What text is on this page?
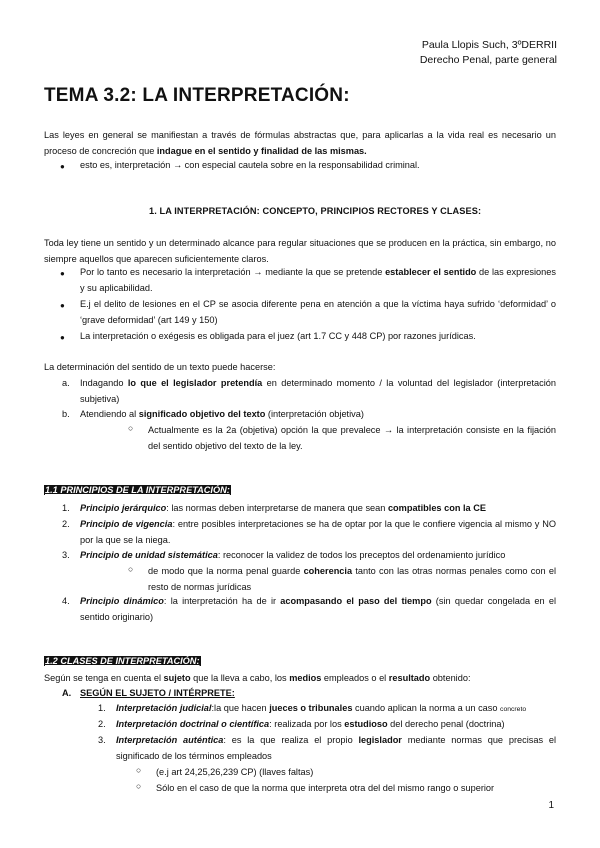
Paula Llopis Such, 3ºDERRII
Derecho Penal, parte general
TEMA 3.2: LA INTERPRETACIÓN:
Las leyes en general se manifiestan a través de fórmulas abstractas que, para aplicarlas a la vida real es necesario un proceso de concreción que indague en el sentido y finalidad de las mismas.
● esto es, interpretación → con especial cautela sobre en la responsabilidad criminal.
1. LA INTERPRETACIÓN: CONCEPTO, PRINCIPIOS RECTORES Y CLASES:
Toda ley tiene un sentido y un determinado alcance para regular situaciones que se producen en la práctica, sin embargo, no siempre aquellos que aparecen suficientemente claros.
● Por lo tanto es necesario la interpretación → mediante la que se pretende establecer el sentido de las expresiones y su aplicabilidad.
● E.j el delito de lesiones en el CP se asocia diferente pena en atención a que la víctima haya sufrido ‘deformidad’ o ‘grave deformidad’ (art 149 y 150)
● La interpretación o exégesis es obligada para el juez (art 1.7 CC y 448 CP) por razones jurídicas.
La determinación del sentido de un texto puede hacerse:
a. Indagando lo que el legislador pretendía en determinado momento / la voluntad del legislador (interpretación subjetiva)
b. Atendiendo al significado objetivo del texto (interpretación objetiva)
○ Actualmente es la 2a (objetiva) opción la que prevalece → la interpretación consiste en la fijación del sentido objetivo del texto de la ley.
1.1 PRINCIPIOS DE LA INTERPRETACIÓN:
1. Principio jerárquico: las normas deben interpretarse de manera que sean compatibles con la CE
2. Principio de vigencia: entre posibles interpretaciones se ha de optar por la que le confiere vigencia al mismo y NO por la que se la niega.
3. Principio de unidad sistemática: reconocer la validez de todos los preceptos del ordenamiento jurídico
○ de modo que la norma penal guarde coherencia tanto con las otras normas penales como con el resto de normas jurídicas
4. Principio dinámico: la interpretación ha de ir acompasando el paso del tiempo (sin quedar congelada en el sentido originario)
1.2 CLASES DE INTERPRETACIÓN:
Según se tenga en cuenta el sujeto que la lleva a cabo, los medios empleados o el resultado obtenido:
A. SEGÚN EL SUJETO / INTÉRPRETE:
1. Interpretación judicial:la que hacen jueces o tribunales cuando aplican la norma a un caso concreto
2. Interpretación doctrinal o científica: realizada por los estudioso del derecho penal (doctrina)
3. Interpretación auténtica: es la que realiza el propio legislador mediante normas que precisas el significado de los términos empleados
○ (e.j art 24,25,26,239 CP) (llaves faltas)
○ Sólo en el caso de que la norma que interpreta otra del del mismo rango o superior
1
